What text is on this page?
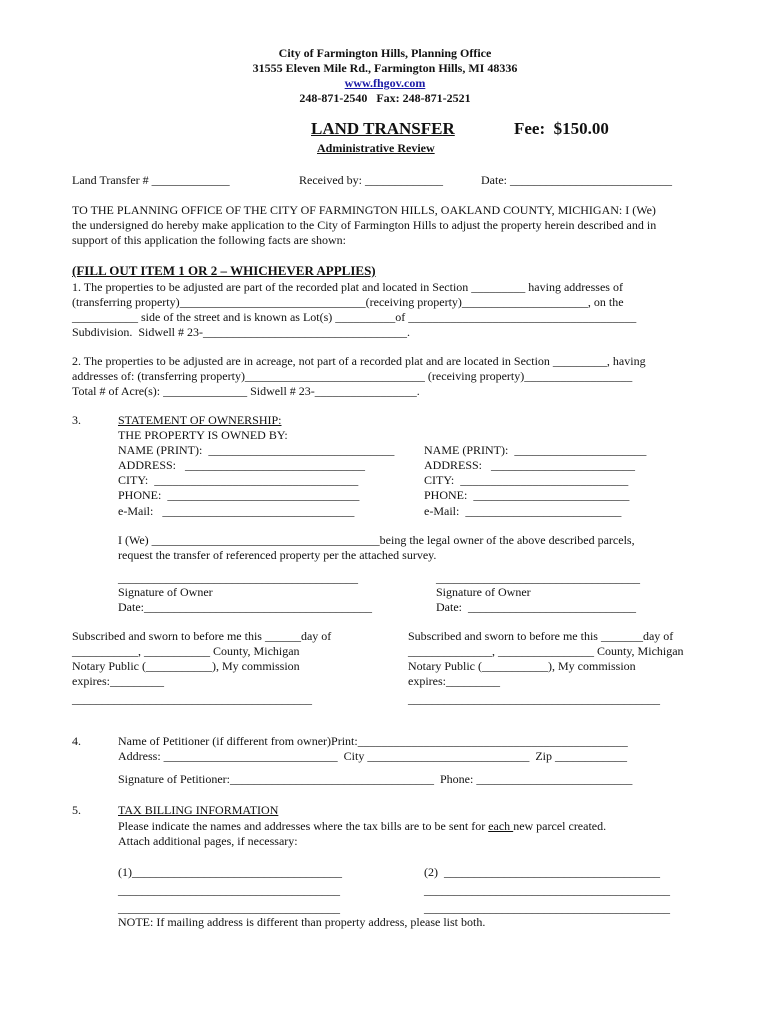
City of Farmington Hills, Planning Office
31555 Eleven Mile Rd., Farmington Hills, MI 48336
www.fhgov.com
248-871-2540   Fax: 248-871-2521
LAND TRANSFER	Fee:  $150.00
Administrative Review
Land Transfer # _____________	Received by: _____________	Date: ___________________________
TO THE PLANNING OFFICE OF THE CITY OF FARMINGTON HILLS, OAKLAND COUNTY, MICHIGAN: I (We)
the undersigned do hereby make application to the City of Farmington Hills to adjust the property herein described and in
support of this application the following facts are shown:
(FILL OUT ITEM 1 OR 2 – WHICHEVER APPLIES)
1. The properties to be adjusted are part of the recorded plat and located in Section _________ having addresses of
(transferring property)_______________________________(receiving property)_____________________, on the
___________ side of the street and is known as Lot(s) __________of ______________________________________
Subdivision.  Sidwell # 23-__________________________________.
2. The properties to be adjusted are in acreage, not part of a recorded plat and are located in Section _________, having
addresses of: (transferring property)______________________________ (receiving property)__________________
Total # of Acre(s): ______________ Sidwell # 23-_________________.
3.	STATEMENT OF OWNERSHIP:
THE PROPERTY IS OWNED BY:
NAME (PRINT):  _______________________________
ADDRESS:   ______________________________
CITY:  __________________________________
PHONE:  ________________________________
e-Mail:   ________________________________
NAME (PRINT):  ______________________
ADDRESS:   ________________________
CITY:  ____________________________
PHONE:  __________________________
e-Mail:  __________________________
I (We) ______________________________________being the legal owner of the above described parcels,
request the transfer of referenced property per the attached survey.
________________________________________
Signature of Owner
Date:______________________________________
__________________________________
Signature of Owner
Date:  ____________________________
Subscribed and sworn to before me this ______day of
___________, ___________ County, Michigan
Notary Public (___________), My commission
expires:_________
________________________________________
Subscribed and sworn to before me this _______day of
______________, ________________ County, Michigan
Notary Public (___________), My commission
expires:_________
__________________________________________
4.	Name of Petitioner (if different from owner)Print:_____________________________________________
Address: _____________________________  City ___________________________  Zip ____________
Signature of Petitioner:__________________________________  Phone: __________________________
5.	TAX BILLING INFORMATION
Please indicate the names and addresses where the tax bills are to be sent for each new parcel created.
Attach additional pages, if necessary:
(1)___________________________________
_____________________________________
_____________________________________
(2)  ____________________________________
_________________________________________
_________________________________________
NOTE: If mailing address is different than property address, please list both.
